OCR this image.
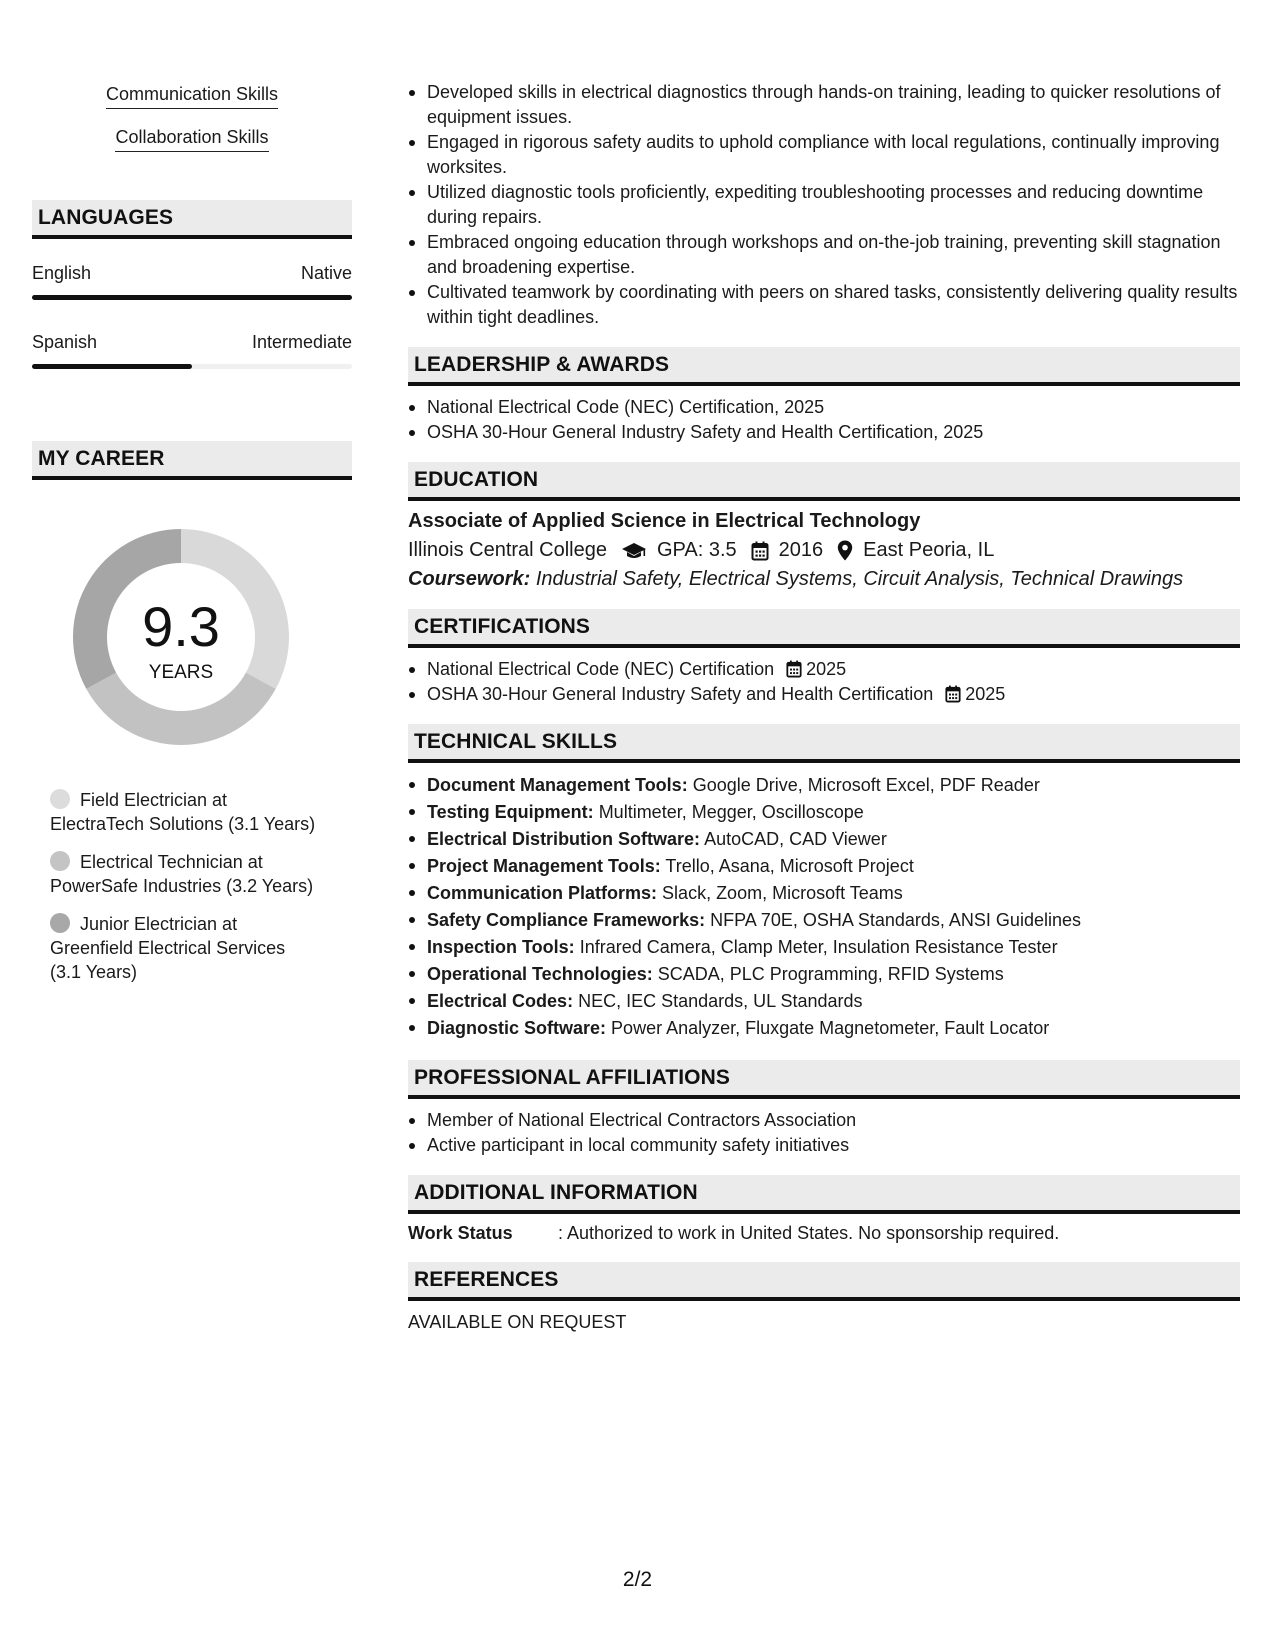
Communication Skills
Collaboration Skills
LANGUAGES
English	Native
Spanish	Intermediate
MY CAREER
9.3
YEARS
Field Electrician at ElectraTech Solutions (3.1 Years)
Electrical Technician at PowerSafe Industries (3.2 Years)
Junior Electrician at Greenfield Electrical Services (3.1 Years)
Developed skills in electrical diagnostics through hands-on training, leading to quicker resolutions of equipment issues.
Engaged in rigorous safety audits to uphold compliance with local regulations, continually improving worksites.
Utilized diagnostic tools proficiently, expediting troubleshooting processes and reducing downtime during repairs.
Embraced ongoing education through workshops and on-the-job training, preventing skill stagnation and broadening expertise.
Cultivated teamwork by coordinating with peers on shared tasks, consistently delivering quality results within tight deadlines.
LEADERSHIP & AWARDS
National Electrical Code (NEC) Certification, 2025
OSHA 30-Hour General Industry Safety and Health Certification, 2025
EDUCATION
Associate of Applied Science in Electrical Technology
Illinois Central College	GPA: 3.5 2016 East Peoria, IL
Coursework: Industrial Safety, Electrical Systems, Circuit Analysis, Technical Drawings
CERTIFICATIONS
National Electrical Code (NEC) Certification 2025
OSHA 30-Hour General Industry Safety and Health Certification 2025
TECHNICAL SKILLS
Document Management Tools: Google Drive, Microsoft Excel, PDF Reader
Testing Equipment: Multimeter, Megger, Oscilloscope
Electrical Distribution Software: AutoCAD, CAD Viewer
Project Management Tools: Trello, Asana, Microsoft Project
Communication Platforms: Slack, Zoom, Microsoft Teams
Safety Compliance Frameworks: NFPA 70E, OSHA Standards, ANSI Guidelines
Inspection Tools: Infrared Camera, Clamp Meter, Insulation Resistance Tester
Operational Technologies: SCADA, PLC Programming, RFID Systems
Electrical Codes: NEC, IEC Standards, UL Standards
Diagnostic Software: Power Analyzer, Fluxgate Magnetometer, Fault Locator
PROFESSIONAL AFFILIATIONS
Member of National Electrical Contractors Association
Active participant in local community safety initiatives
ADDITIONAL INFORMATION
Work Status	: Authorized to work in United States. No sponsorship required.
REFERENCES
AVAILABLE ON REQUEST
2/2
